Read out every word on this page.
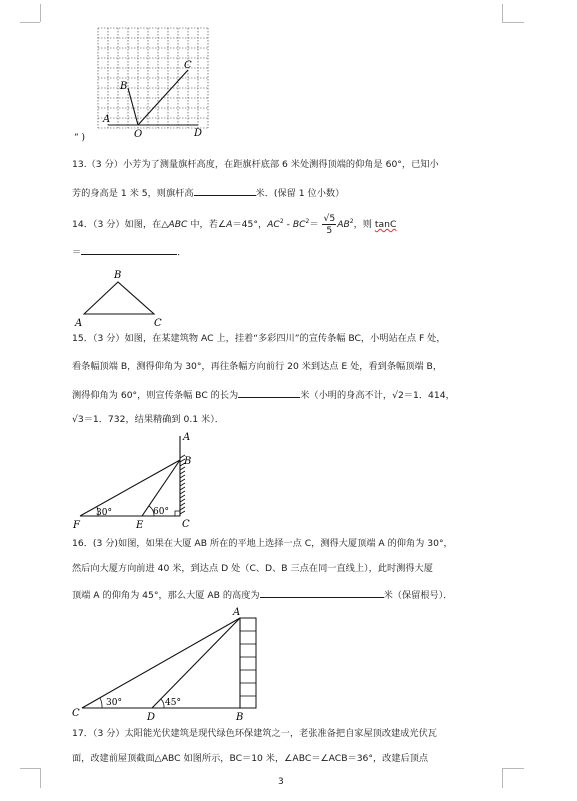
C
B
A
O	D
“ )
13.（3 分）小芳为了测量旗杆高度，在距旗杆底部 6 米处测得顶端的仰角是 60°，已知小
芳的身高是 1 米 5，则旗杆高	米．(保留 1 位小数）
14．（3 分）如图，在△ABC 中，若∠A＝45°，$AC^2 - BC^2= \frac{√5}{5} AB^2$，则 tanC
＝	．
B
A	C
15．（3 分）如图，在某建筑物 AC 上，挂着“多彩四川”的宣传条幅 BC，小明站在点 F 处，
看条幅顶端 B，测得仰角为 30°，再往条幅方向前行 20 米到达点 E 处，看到条幅顶端 B，
测得仰角为 60°，则宣传条幅 BC 的长为	米（小明的身高不计，√2＝1．414，
√3＝1．732，结果精确到 0.1 米）．
30°	60°
A
B
C
E
F
16．(3 分)如图，如果在大厦 AB 所在的平地上选择一点 C，测得大厦顶端 A 的仰角为 30°，
然后向大厦方向前进 40 米，到达点 D 处（C、D、B 三点在同一直线上），此时测得大厦
顶端 A 的仰角为 45°，那么大厦 AB 的高度为	米（保留根号）．
30°	45°
A
B
C	D
17．（3 分）太阳能光伏建筑是现代绿色环保建筑之一，老张准备把自家屋顶改建成光伏瓦
面，改建前屋顶截面△ABC 如图所示，BC＝10 米，∠ABC＝∠ACB＝36°，改建后顶点
3
